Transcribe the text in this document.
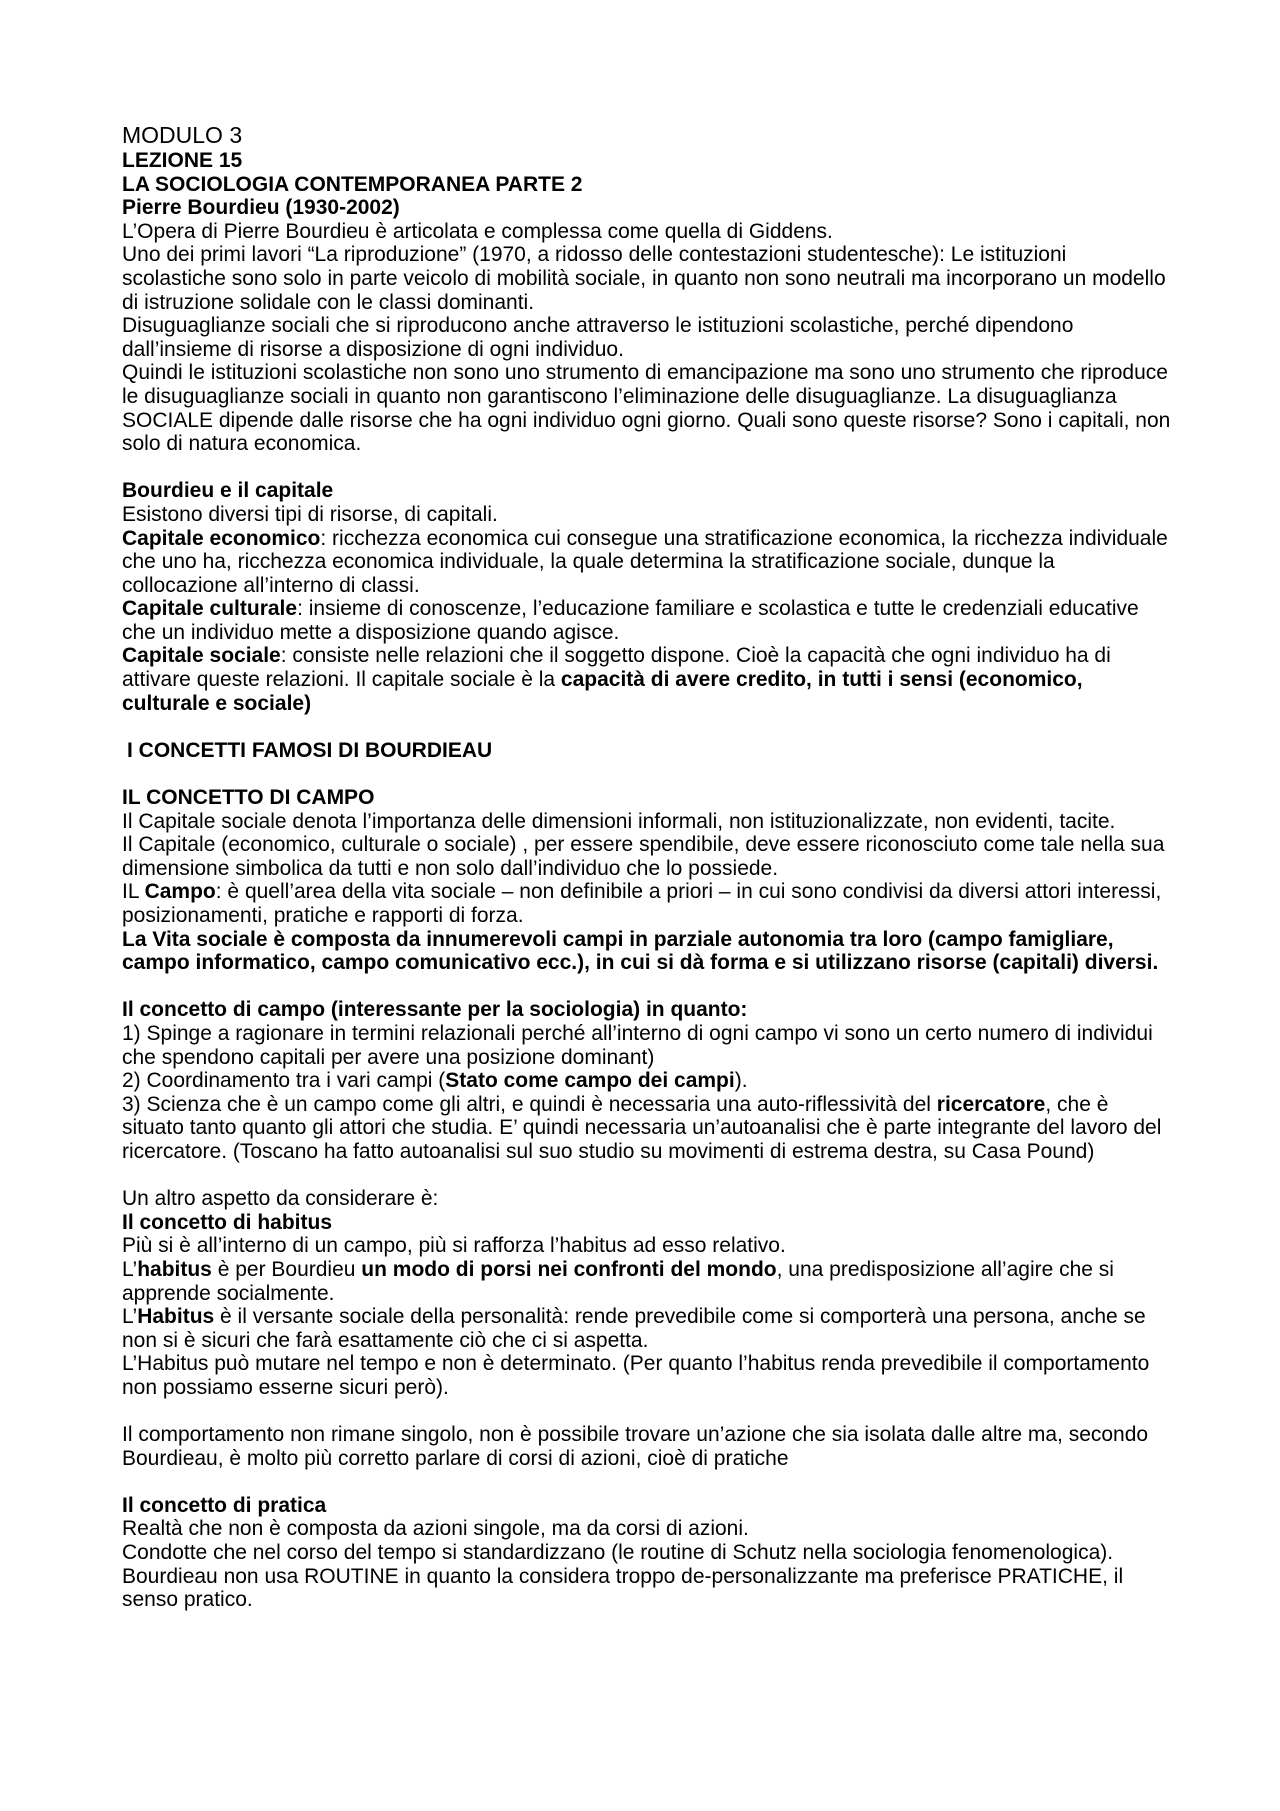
MODULO 3
LEZIONE 15
LA SOCIOLOGIA CONTEMPORANEA PARTE 2
Pierre Bourdieu (1930-2002)

L’Opera di Pierre Bourdieu è articolata e complessa come quella di Giddens.

Uno dei primi lavori “La riproduzione” (1970, a ridosso delle contestazioni studentesche): Le istituzioni scolastiche sono solo in parte veicolo di mobilità sociale, in quanto non sono neutrali ma incorporano un modello di istruzione solidale con le classi dominanti.

Disuguaglianze sociali che si riproducono anche attraverso le istituzioni scolastiche, perché dipendono dall’insieme di risorse a disposizione di ogni individuo.

Quindi le istituzioni scolastiche non sono uno strumento di emancipazione ma sono uno strumento che riproduce le disuguaglianze sociali in quanto non garantiscono l’eliminazione delle disuguaglianze. La disuguaglianza SOCIALE dipende dalle risorse che ha ogni individuo ogni giorno. Quali sono queste risorse? Sono i capitali, non solo di natura economica.

Bourdieu e il capitale

Esistono diversi tipi di risorse, di capitali.

Capitale economico: ricchezza economica cui consegue una stratificazione economica, la ricchezza individuale che uno ha, ricchezza economica individuale, la quale determina la stratificazione sociale, dunque la collocazione all’interno di classi.

Capitale culturale: insieme di conoscenze, l’educazione familiare e scolastica e tutte le credenziali educative che un individuo mette a disposizione quando agisce.

Capitale sociale: consiste nelle relazioni che il soggetto dispone. Cioè la capacità che ogni individuo ha di attivare queste relazioni. Il capitale sociale è la capacità di avere credito, in tutti i sensi (economico, culturale e sociale)

I CONCETTI FAMOSI DI BOURDIEAU
IL CONCETTO DI CAMPO

Il Capitale sociale denota l’importanza delle dimensioni informali, non istituzionalizzate, non evidenti, tacite.

Il Capitale (economico, culturale o sociale) , per essere spendibile, deve essere riconosciuto come tale nella sua dimensione simbolica da tutti e non solo dall’individuo che lo possiede.

IL Campo: è quell’area della vita sociale – non definibile a priori – in cui sono condivisi da diversi attori interessi, posizionamenti, pratiche e rapporti di forza.

La Vita sociale è composta da innumerevoli campi in parziale autonomia tra loro (campo famigliare, campo informatico, campo comunicativo ecc.), in cui si dà forma e si utilizzano risorse (capitali) diversi.

Il concetto di campo (interessante per la sociologia) in quanto:

1) Spinge a ragionare in termini relazionali perché all’interno di ogni campo vi sono un certo numero di individui che spendono capitali per avere una posizione dominant)

2) Coordinamento tra i vari campi (Stato come campo dei campi).

3) Scienza che è un campo come gli altri, e quindi è necessaria una auto-riflessività del ricercatore, che è situato tanto quanto gli attori che studia. E’ quindi necessaria un’autoanalisi che è parte integrante del lavoro del ricercatore. (Toscano ha fatto autoanalisi sul suo studio su movimenti di estrema destra, su Casa Pound)

Un altro aspetto da considerare è:

Il concetto di habitus

Più si è all’interno di un campo, più si rafforza l’habitus ad esso relativo.

L’habitus è per Bourdieu un modo di porsi nei confronti del mondo, una predisposizione all’agire che si apprende socialmente.

L’Habitus è il versante sociale della personalità: rende prevedibile come si comporterà una persona, anche se non si è sicuri che farà esattamente ciò che ci si aspetta.

L’Habitus può mutare nel tempo e non è determinato. (Per quanto l’habitus renda prevedibile il comportamento non possiamo esserne sicuri però).

Il comportamento non rimane singolo, non è possibile trovare un’azione che sia isolata dalle altre ma, secondo Bourdieau, è molto più corretto parlare di corsi di azioni, cioè di pratiche

Il concetto di pratica

Realtà che non è composta da azioni singole, ma da corsi di azioni.

Condotte che nel corso del tempo si standardizzano (le routine di Schutz nella sociologia fenomenologica). Bourdieau non usa ROUTINE in quanto la considera troppo de-personalizzante ma preferisce PRATICHE, il senso pratico.
